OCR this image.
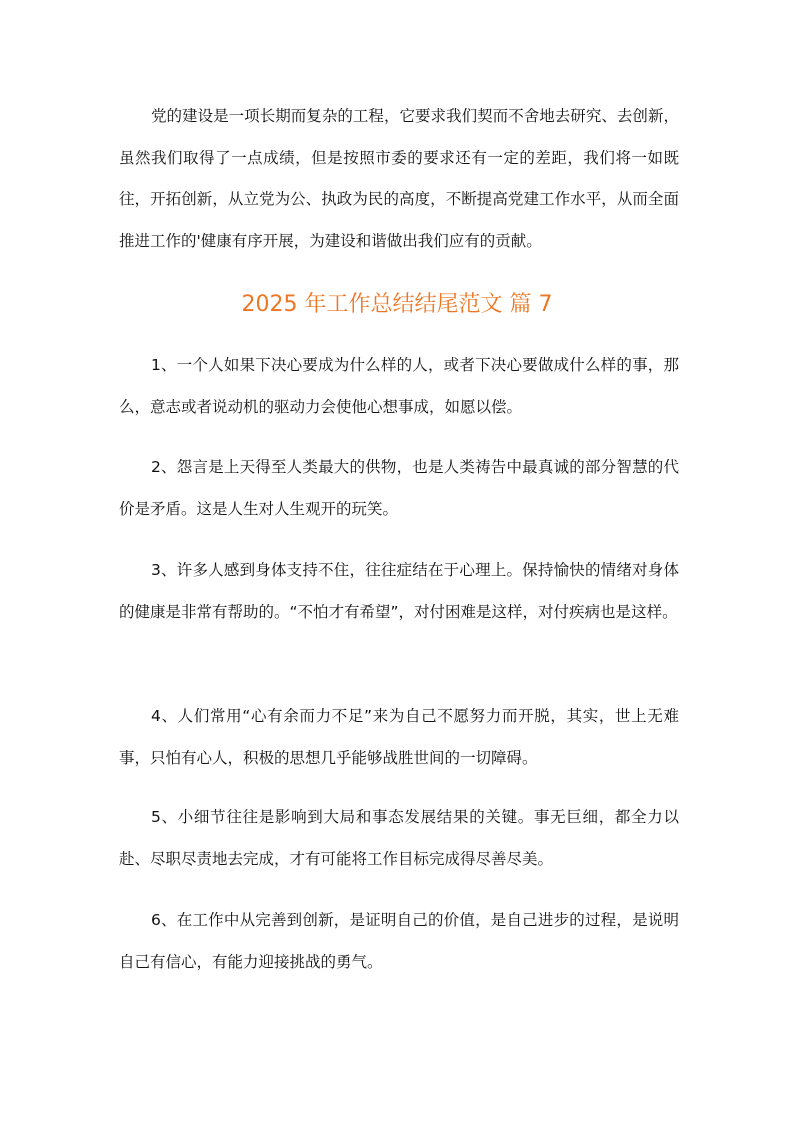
党的建设是一项长期而复杂的工程，它要求我们契而不舍地去研究、去创新，虽然我们取得了一点成绩，但是按照市委的要求还有一定的差距，我们将一如既往，开拓创新，从立党为公、执政为民的高度，不断提高党建工作水平，从而全面推进工作的'健康有序开展，为建设和谐做出我们应有的贡献。

2025 年工作总结结尾范文 篇 7

1、一个人如果下决心要成为什么样的人，或者下决心要做成什么样的事，那么，意志或者说动机的驱动力会使他心想事成，如愿以偿。

2、怨言是上天得至人类最大的供物，也是人类祷告中最真诚的部分智慧的代价是矛盾。这是人生对人生观开的玩笑。

3、许多人感到身体支持不住，往往症结在于心理上。保持愉快的情绪对身体的健康是非常有帮助的。“不怕才有希望”，对付困难是这样，对付疾病也是这样。

4、人们常用“心有余而力不足”来为自己不愿努力而开脱，其实，世上无难事，只怕有心人，积极的思想几乎能够战胜世间的一切障碍。

5、小细节往往是影响到大局和事态发展结果的关键。事无巨细，都全力以赴、尽职尽责地去完成，才有可能将工作目标完成得尽善尽美。

6、在工作中从完善到创新，是证明自己的价值，是自己进步的过程，是说明自己有信心，有能力迎接挑战的勇气。
